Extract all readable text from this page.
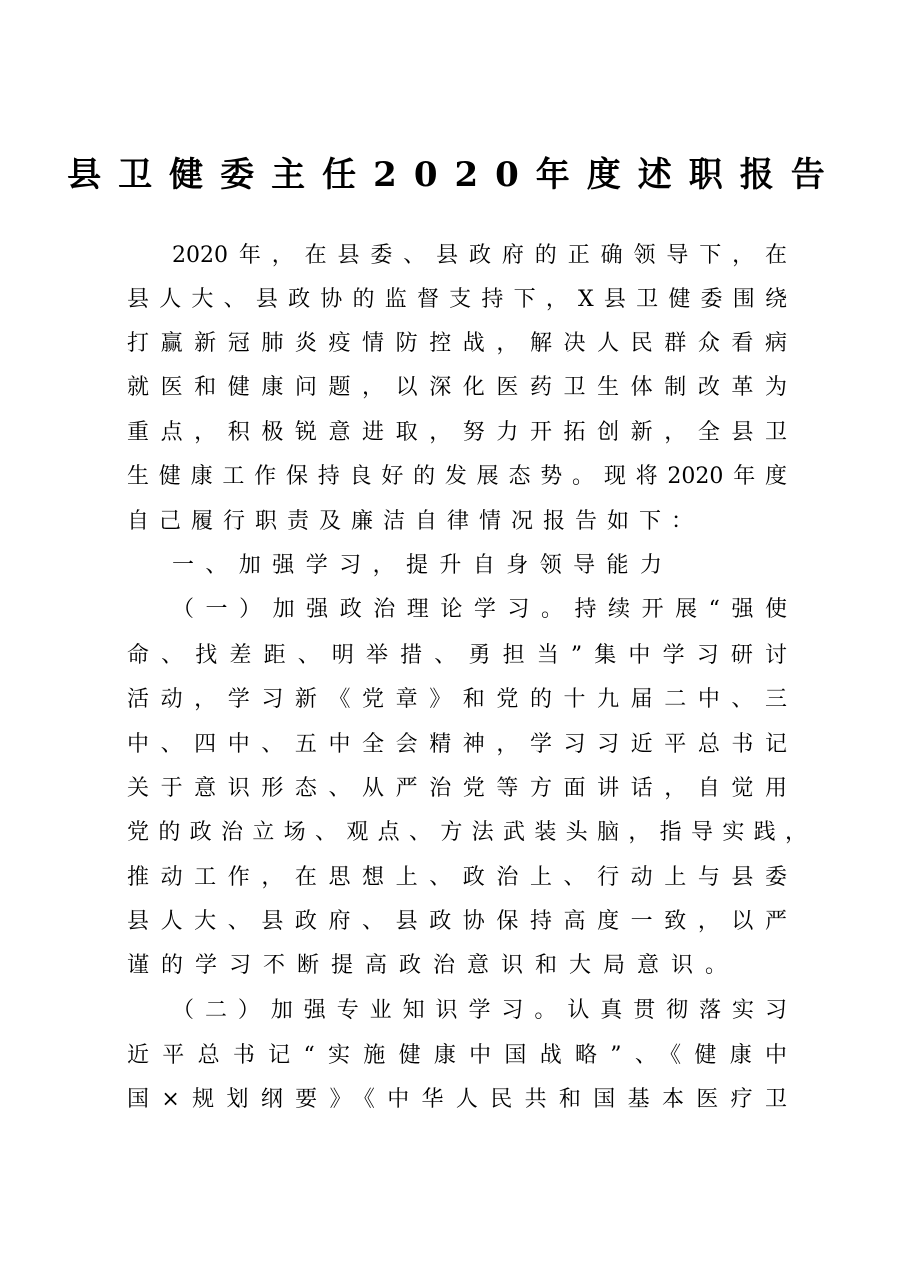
县卫健委主任2020年度述职报告
2020年，在县委、县政府的正确领导下，在
县人大、县政协的监督支持下，X县卫健委围绕
打赢新冠肺炎疫情防控战，解决人民群众看病
就医和健康问题，以深化医药卫生体制改革为
重点，积极锐意进取，努力开拓创新，全县卫
生健康工作保持良好的发展态势。现将2020年度
自己履行职责及廉洁自律情况报告如下：
一、加强学习，提升自身领导能力
（一）加强政治理论学习。持续开展“强使
命、找差距、明举措、勇担当”集中学习研讨
活动，学习新《党章》和党的十九届二中、三
中、四中、五中全会精神，学习习近平总书记
关于意识形态、从严治党等方面讲话，自觉用
党的政治立场、观点、方法武装头脑，指导实践，
推动工作，在思想上、政治上、行动上与县委
县人大、县政府、县政协保持高度一致，以严
谨的学习不断提高政治意识和大局意识。
（二）加强专业知识学习。认真贯彻落实习
近平总书记“实施健康中国战略”、《健康中
国×规划纲要》《中华人民共和国基本医疗卫
